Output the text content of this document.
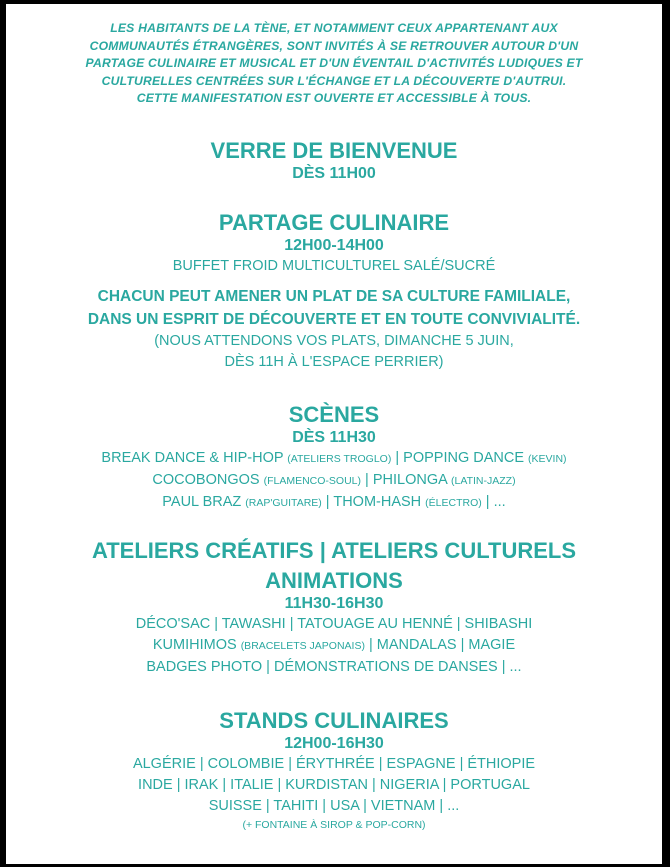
LES HABITANTS DE LA TÈNE, ET NOTAMMENT CEUX APPARTENANT AUX
COMMUNAUTÉS ÉTRANGÈRES, SONT INVITÉS À SE RETROUVER AUTOUR D'UN
PARTAGE CULINAIRE ET MUSICAL ET D'UN ÉVENTAIL D'ACTIVITÉS LUDIQUES ET
CULTURELLES CENTRÉES SUR L'ÉCHANGE ET LA DÉCOUVERTE D'AUTRUI.
CETTE MANIFESTATION EST OUVERTE ET ACCESSIBLE À TOUS.
VERRE DE BIENVENUE
DÈS 11H00
PARTAGE CULINAIRE
12H00-14H00
BUFFET FROID MULTICULTUREL SALÉ/SUCRÉ
CHACUN PEUT AMENER UN PLAT DE SA CULTURE FAMILIALE,
DANS UN ESPRIT DE DÉCOUVERTE ET EN TOUTE CONVIVIALITÉ.
(NOUS ATTENDONS VOS PLATS, DIMANCHE 5 JUIN,
DÈS 11H À L'ESPACE PERRIER)
SCÈNES
DÈS 11H30
BREAK DANCE & HIP-HOP (ATELIERS TROGLO) | POPPING DANCE (KEVIN)
COCOBONGOS (FLAMENCO-SOUL) | PHILONGA (LATIN-JAZZ)
PAUL BRAZ (RAP'GUITARE) | THOM-HASH (ÉLECTRO) | ...
ATELIERS CRÉATIFS | ATELIERS CULTURELS
ANIMATIONS
11H30-16H30
DÉCO'SAC | TAWASHI | TATOUAGE AU HENNÉ | SHIBASHI
KUMIHIMOS (BRACELETS JAPONAIS) | MANDALAS | MAGIE
BADGES PHOTO | DÉMONSTRATIONS DE DANSES | ...
STANDS CULINAIRES
12H00-16H30
ALGÉRIE | COLOMBIE | ÉRYTHRÉE | ESPAGNE | ÉTHIOPIE
INDE | IRAK | ITALIE | KURDISTAN | NIGERIA | PORTUGAL
SUISSE | TAHITI | USA | VIETNAM | ...
(+ FONTAINE À SIROP & POP-CORN)
